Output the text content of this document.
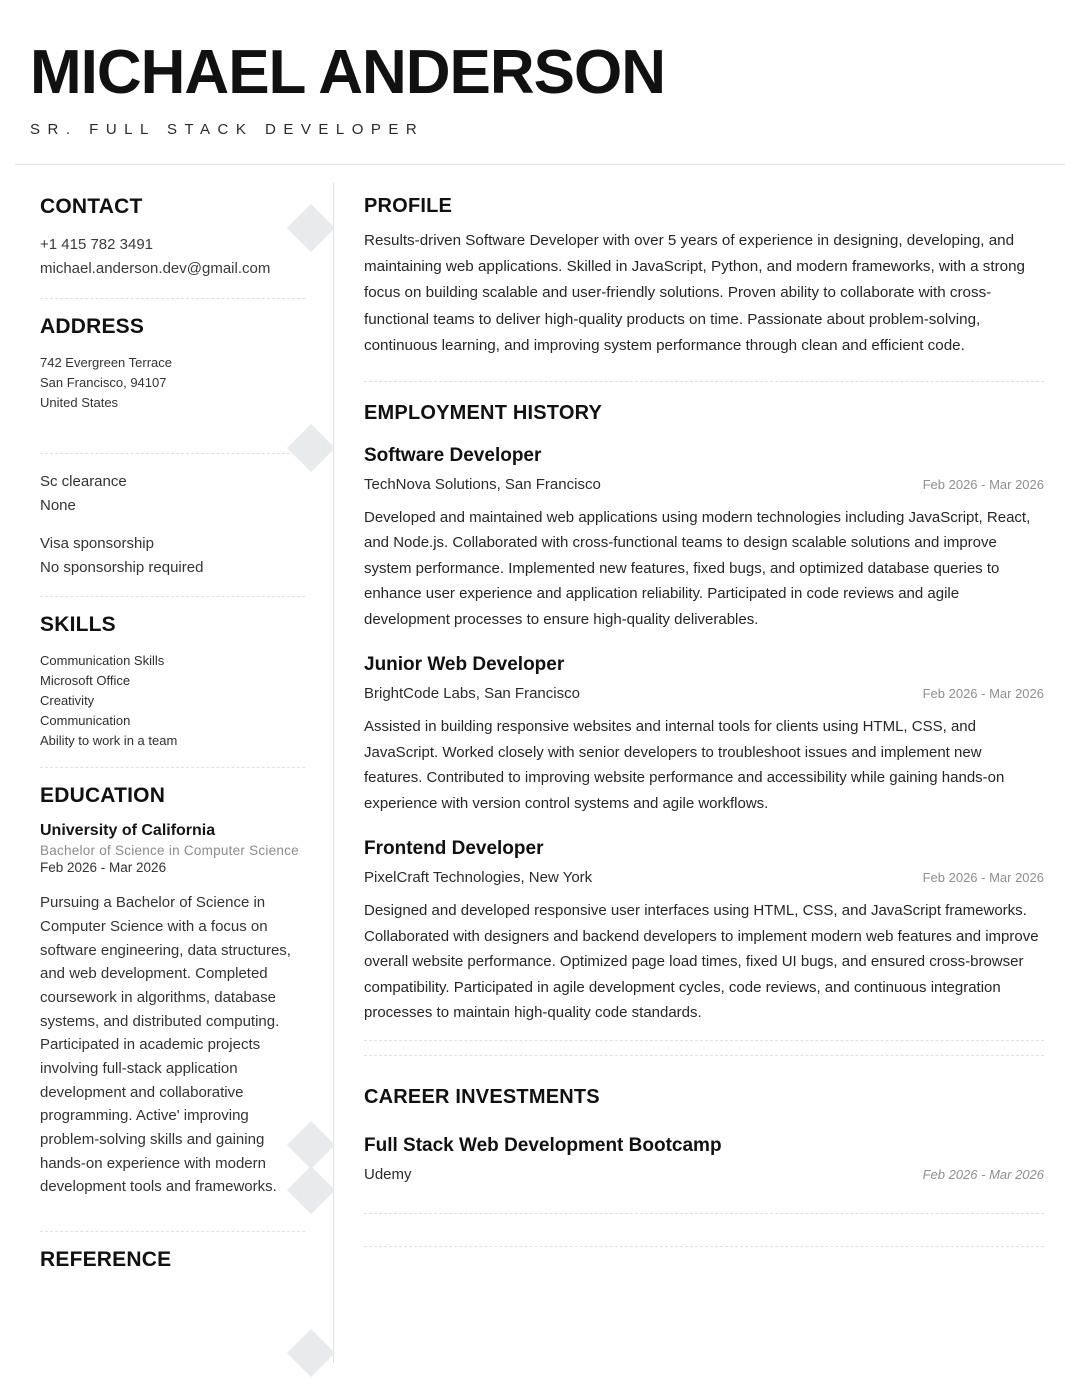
MICHAEL ANDERSON
SR. FULL STACK DEVELOPER
CONTACT
+1 415 782 3491
michael.anderson.dev@gmail.com
ADDRESS
742 Evergreen Terrace
San Francisco, 94107
United States
Sc clearance
None
Visa sponsorship
No sponsorship required
SKILLS
Communication Skills
Microsoft Office
Creativity
Communication
Ability to work in a team
EDUCATION
University of California
Bachelor of Science in Computer Science
Feb 2026 - Mar 2026
Pursuing a Bachelor of Science in Computer Science with a focus on software engineering, data structures, and web development. Completed coursework in algorithms, database systems, and distributed computing. Participated in academic projects involving full-stack application development and collaborative programming. Active' improving problem-solving skills and gaining hands-on experience with modern development tools and frameworks.
REFERENCE
PROFILE
Results-driven Software Developer with over 5 years of experience in designing, developing, and maintaining web applications. Skilled in JavaScript, Python, and modern frameworks, with a strong focus on building scalable and user-friendly solutions. Proven ability to collaborate with cross-functional teams to deliver high-quality products on time. Passionate about problem-solving, continuous learning, and improving system performance through clean and efficient code.
EMPLOYMENT HISTORY
Software Developer
TechNova Solutions, San Francisco	Feb 2026 - Mar 2026
Developed and maintained web applications using modern technologies including JavaScript, React, and Node.js. Collaborated with cross-functional teams to design scalable solutions and improve system performance. Implemented new features, fixed bugs, and optimized database queries to enhance user experience and application reliability. Participated in code reviews and agile development processes to ensure high-quality deliverables.
Junior Web Developer
BrightCode Labs, San Francisco	Feb 2026 - Mar 2026
Assisted in building responsive websites and internal tools for clients using HTML, CSS, and JavaScript. Worked closely with senior developers to troubleshoot issues and implement new features. Contributed to improving website performance and accessibility while gaining hands-on experience with version control systems and agile workflows.
Frontend Developer
PixelCraft Technologies, New York	Feb 2026 - Mar 2026
Designed and developed responsive user interfaces using HTML, CSS, and JavaScript frameworks. Collaborated with designers and backend developers to implement modern web features and improve overall website performance. Optimized page load times, fixed UI bugs, and ensured cross-browser compatibility. Participated in agile development cycles, code reviews, and continuous integration processes to maintain high-quality code standards.
CAREER INVESTMENTS
Full Stack Web Development Bootcamp
Udemy	Feb 2026 - Mar 2026
